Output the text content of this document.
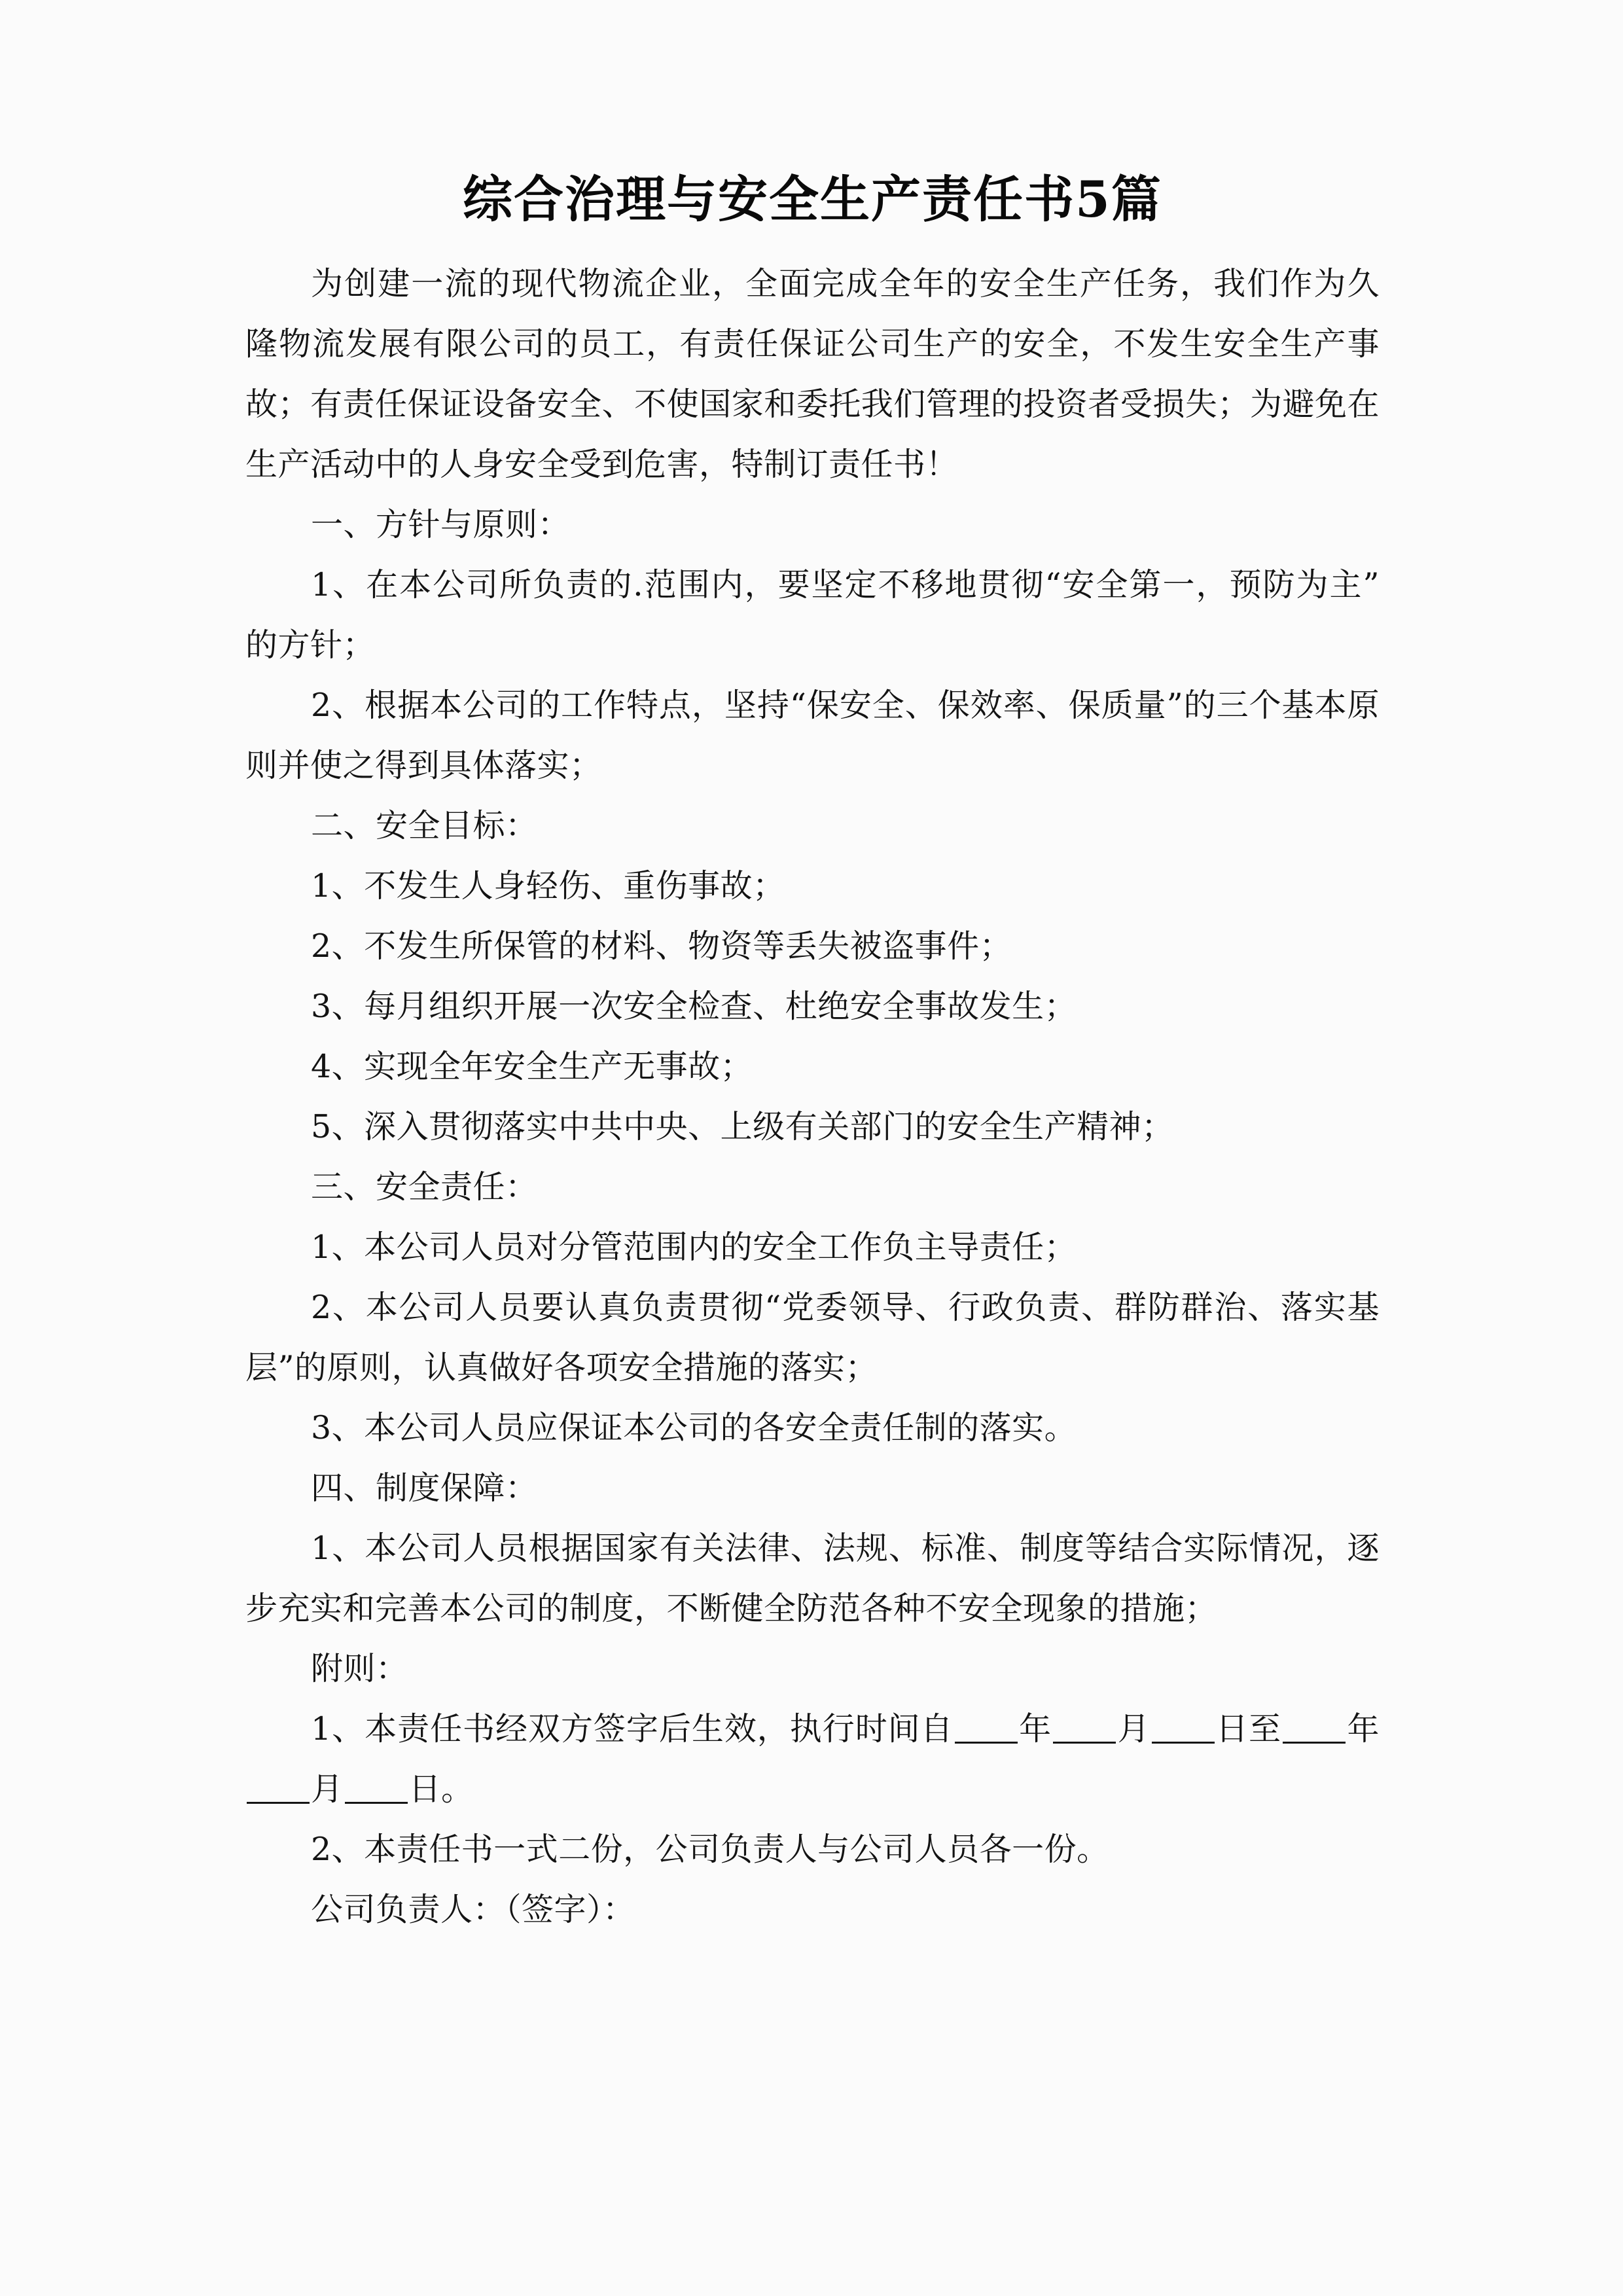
综合治理与安全生产责任书5篇

为创建一流的现代物流企业，全面完成全年的安全生产任务，我们作为久隆物流发展有限公司的员工，有责任保证公司生产的安全，不发生安全生产事故；有责任保证设备安全、不使国家和委托我们管理的投资者受损失；为避免在生产活动中的人身安全受到危害，特制订责任书！

一、方针与原则：

1、在本公司所负责的.范围内，要坚定不移地贯彻“安全第一，预防为主”的方针；

2、根据本公司的工作特点，坚持“保安全、保效率、保质量”的三个基本原则并使之得到具体落实；

二、安全目标：

1、不发生人身轻伤、重伤事故；

2、不发生所保管的材料、物资等丢失被盗事件；

3、每月组织开展一次安全检查、杜绝安全事故发生；

4、实现全年安全生产无事故；

5、深入贯彻落实中共中央、上级有关部门的安全生产精神；

三、安全责任：

1、本公司人员对分管范围内的安全工作负主导责任；

2、本公司人员要认真负责贯彻“党委领导、行政负责、群防群治、落实基层”的原则，认真做好各项安全措施的落实；

3、本公司人员应保证本公司的各安全责任制的落实。

四、制度保障：

1、本公司人员根据国家有关法律、法规、标准、制度等结合实际情况，逐步充实和完善本公司的制度，不断健全防范各种不安全现象的措施；

附则：

1、本责任书经双方签字后生效，执行时间自 年 月 日至 年月 日。

2、本责任书一式二份，公司负责人与公司人员各一份。

公司负责人：（签字）：
